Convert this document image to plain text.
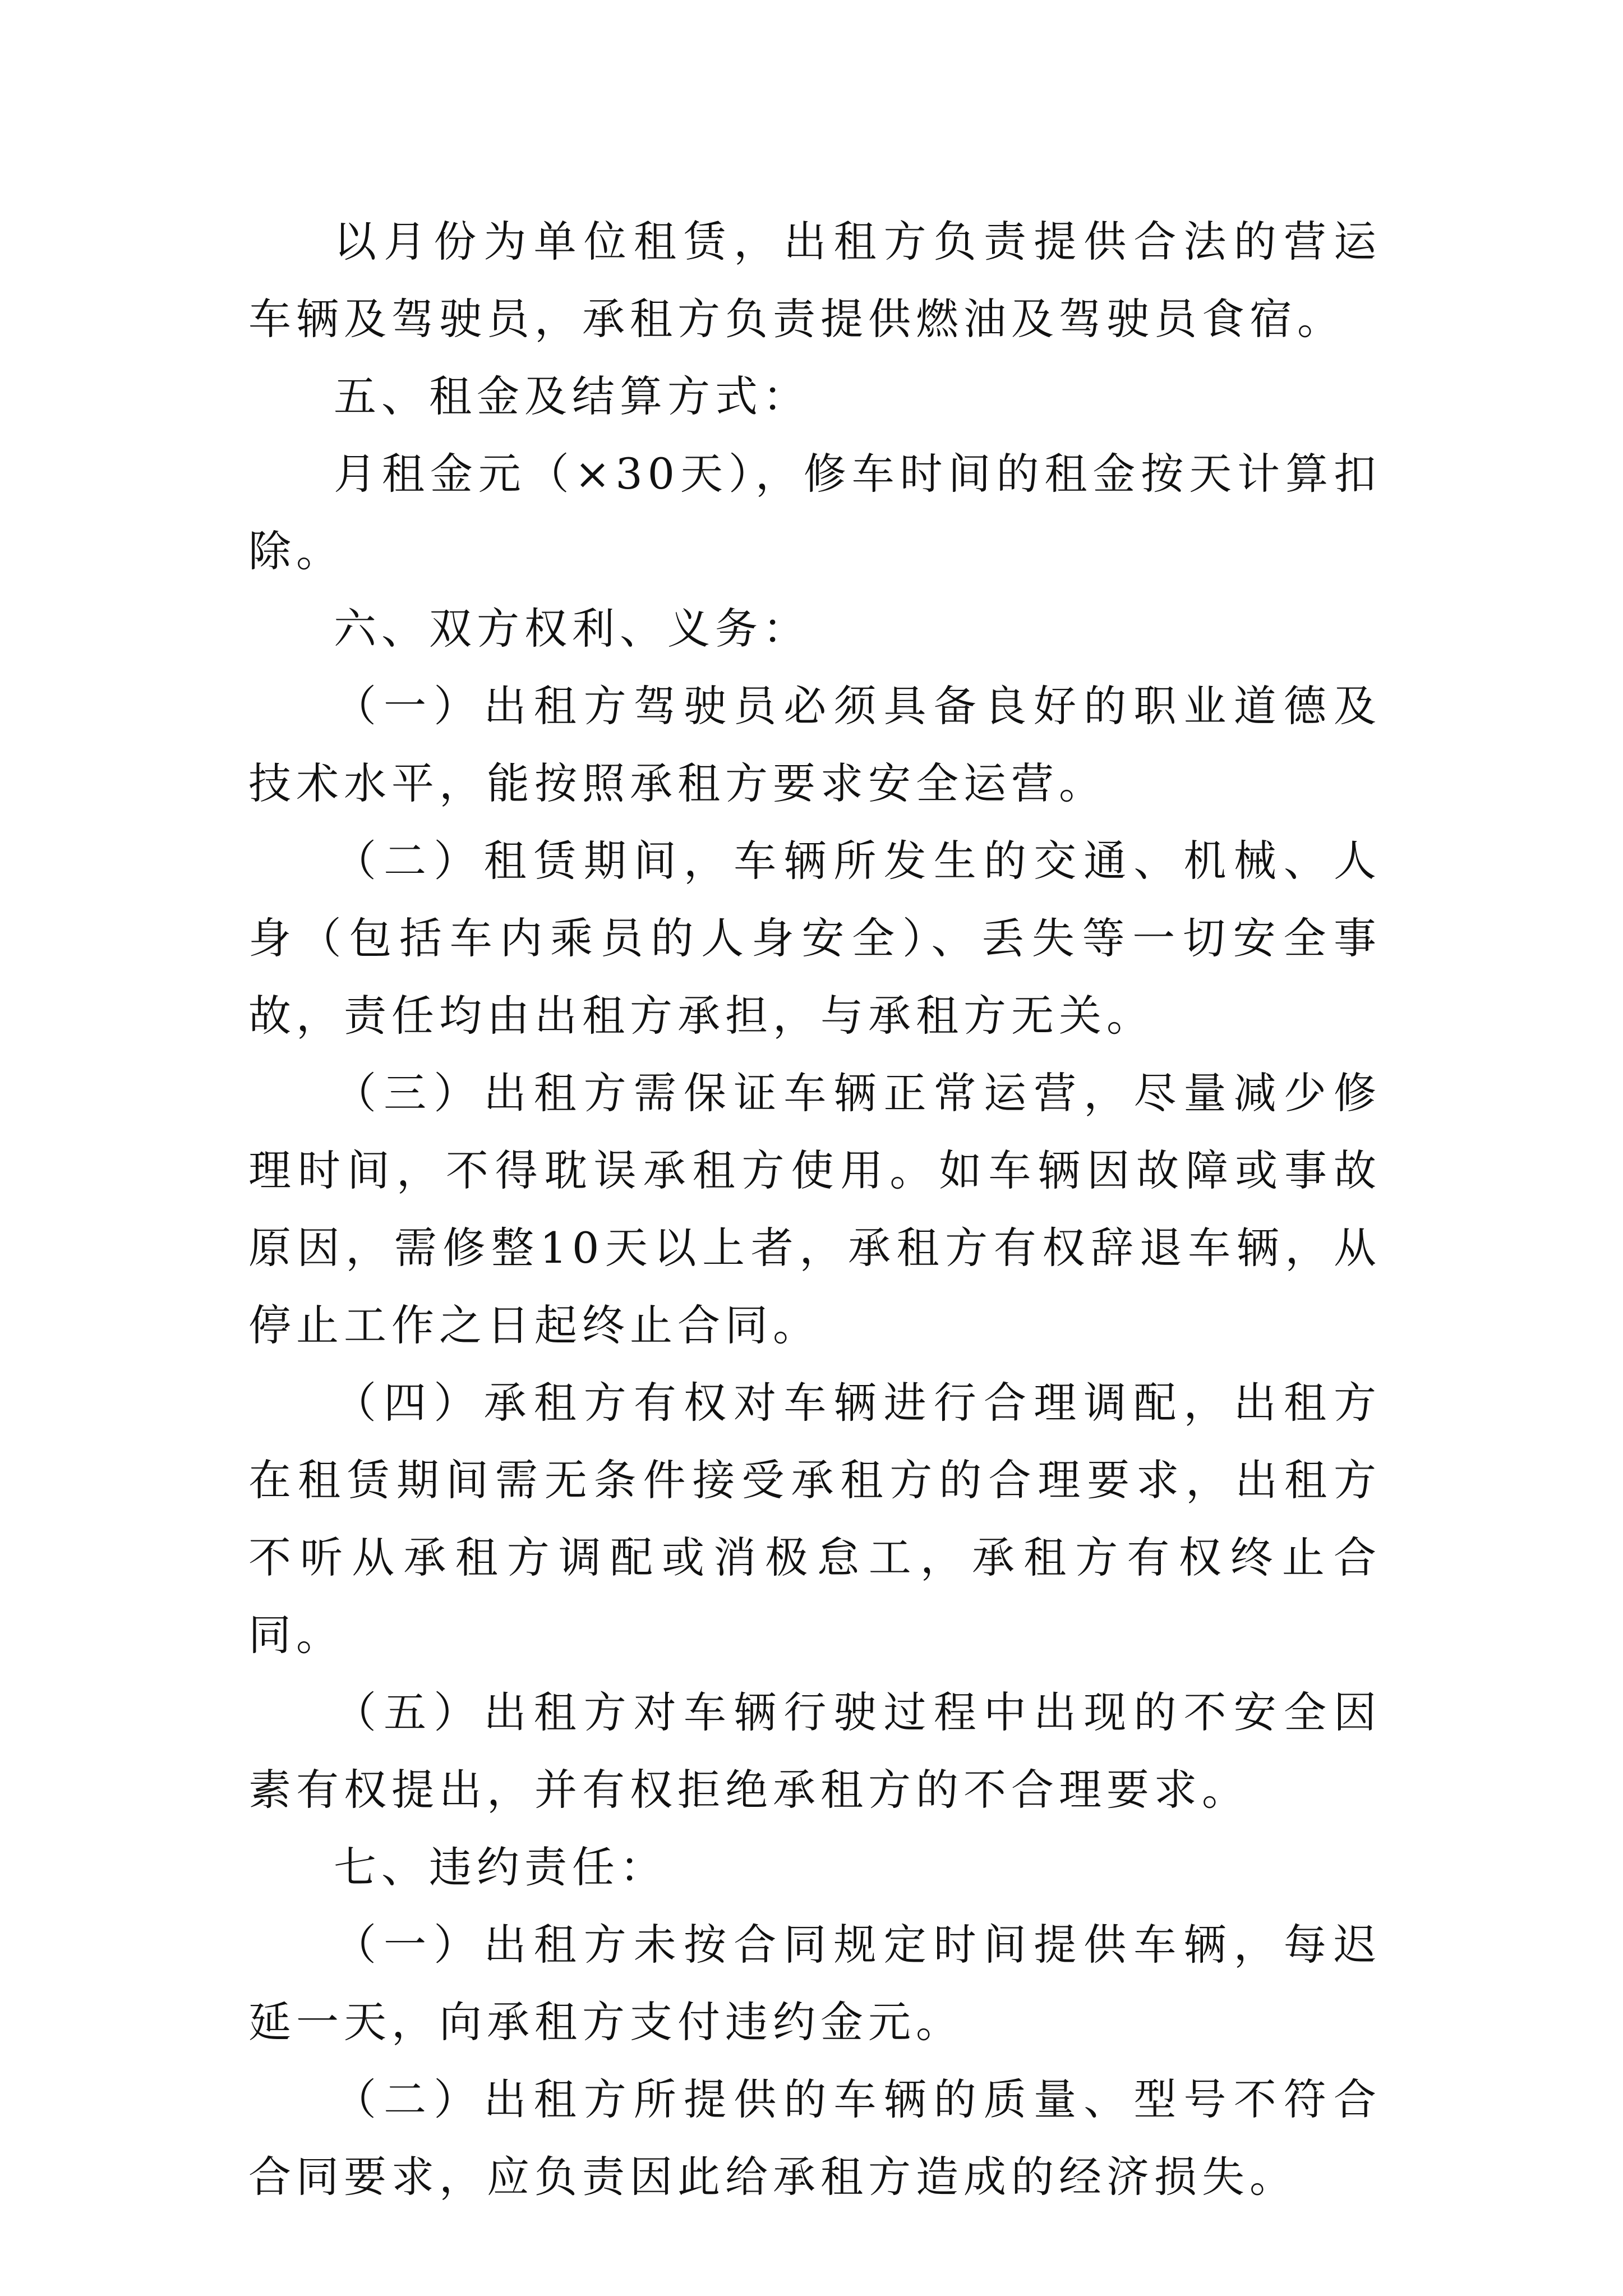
以月份为单位租赁，出租方负责提供合法的营运车辆及驾驶员，承租方负责提供燃油及驾驶员食宿。

五、租金及结算方式：

月租金元（×30天），修车时间的租金按天计算扣除。

六、双方权利、义务：

（一）出租方驾驶员必须具备良好的职业道德及技术水平，能按照承租方要求安全运营。

（二）租赁期间，车辆所发生的交通、机械、人身（包括车内乘员的人身安全）、丢失等一切安全事故，责任均由出租方承担，与承租方无关。

（三）出租方需保证车辆正常运营，尽量减少修理时间，不得耽误承租方使用。如车辆因故障或事故原因，需修整10天以上者，承租方有权辞退车辆，从停止工作之日起终止合同。

（四）承租方有权对车辆进行合理调配，出租方在租赁期间需无条件接受承租方的合理要求，出租方不听从承租方调配或消极怠工，承租方有权终止合同。

（五）出租方对车辆行驶过程中出现的不安全因素有权提出，并有权拒绝承租方的不合理要求。

七、违约责任：

（一）出租方未按合同规定时间提供车辆，每迟延一天，向承租方支付违约金元。

（二）出租方所提供的车辆的质量、型号不符合合同要求，应负责因此给承租方造成的经济损失。
